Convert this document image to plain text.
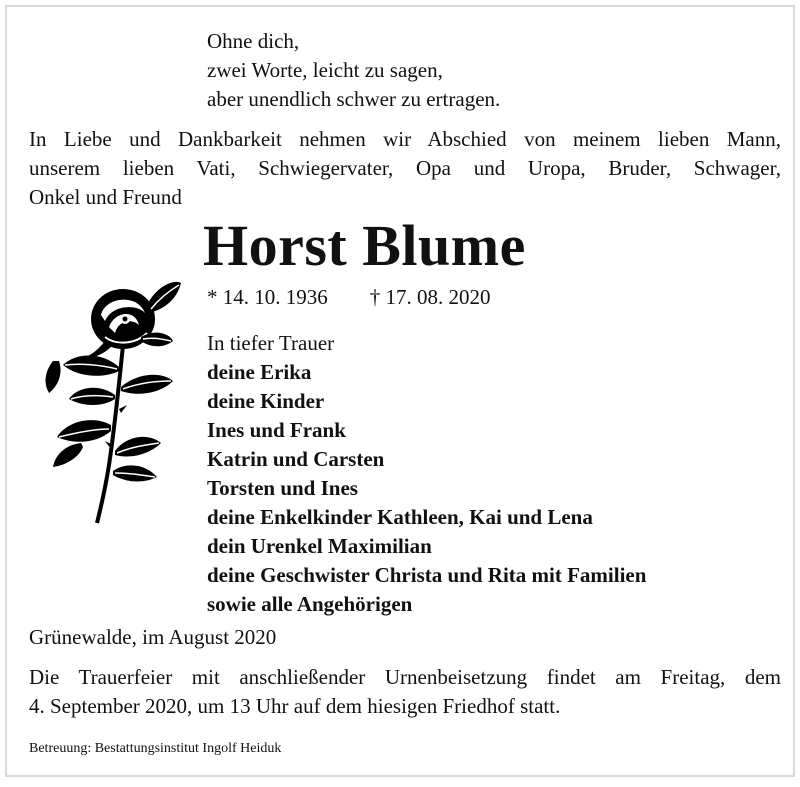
Ohne dich,
zwei Worte, leicht zu sagen,
aber unendlich schwer zu ertragen.
In Liebe und Dankbarkeit nehmen wir Abschied von meinem lieben Mann,
unserem lieben Vati, Schwiegervater, Opa und Uropa, Bruder, Schwager,
Onkel und Freund
Horst Blume
* 14. 10. 1936 † 17. 08. 2020
In tiefer Trauer
deine Erika
deine Kinder
Ines und Frank
Katrin und Carsten
Torsten und Ines
deine Enkelkinder Kathleen, Kai und Lena
dein Urenkel Maximilian
deine Geschwister Christa und Rita mit Familien
sowie alle Angehörigen
Grünewalde, im August 2020
Die Trauerfeier mit anschließender Urnenbeisetzung findet am Freitag, dem
4. September 2020, um 13 Uhr auf dem hiesigen Friedhof statt.
Betreuung: Bestattungsinstitut Ingolf Heiduk
